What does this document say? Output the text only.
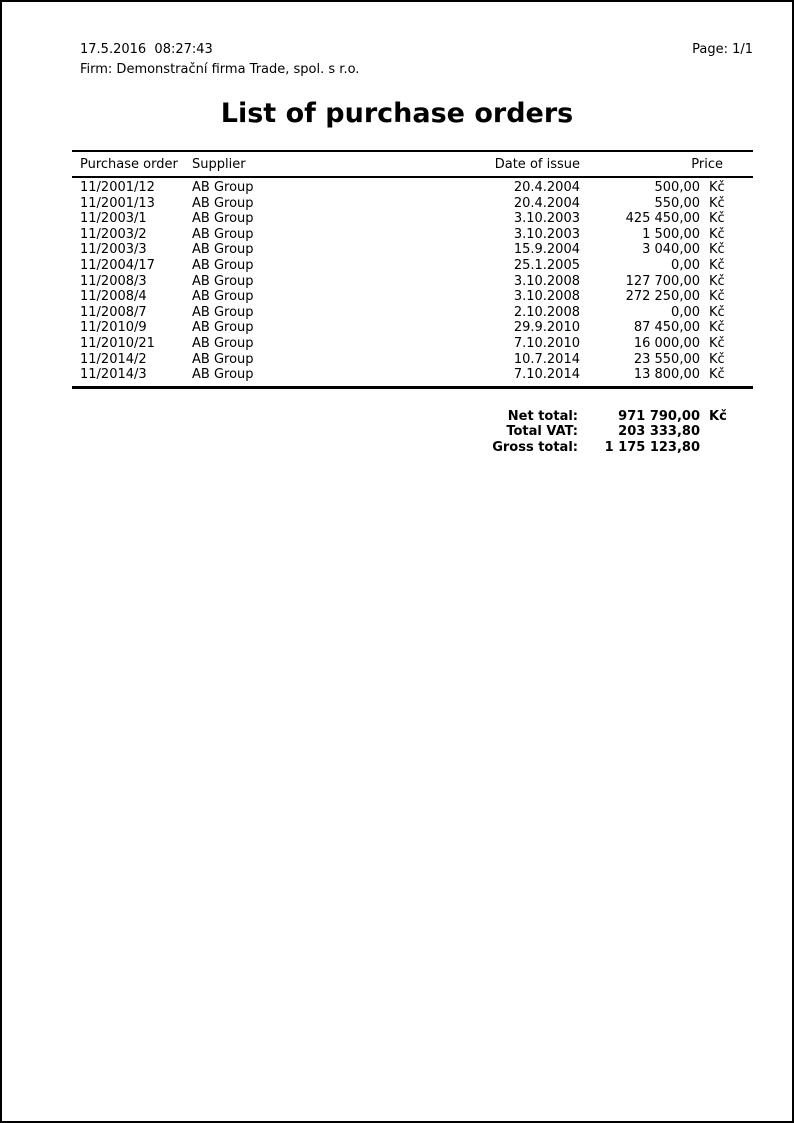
17.5.2016  08:27:43
Firm: Demonstrační firma Trade, spol. s r.o.
Page: 1/1
List of purchase orders
Purchase order	Supplier	Date of issue	Price
11/2001/12	AB Group	20.4.2004	500,00 Kč
11/2001/13	AB Group	20.4.2004	550,00 Kč
11/2003/1	AB Group	3.10.2003	425 450,00 Kč
11/2003/2	AB Group	3.10.2003	1 500,00 Kč
11/2003/3	AB Group	15.9.2004	3 040,00 Kč
11/2004/17	AB Group	25.1.2005	0,00 Kč
11/2008/3	AB Group	3.10.2008	127 700,00 Kč
11/2008/4	AB Group	3.10.2008	272 250,00 Kč
11/2008/7	AB Group	2.10.2008	0,00 Kč
11/2010/9	AB Group	29.9.2010	87 450,00 Kč
11/2010/21	AB Group	7.10.2010	16 000,00 Kč
11/2014/2	AB Group	10.7.2014	23 550,00 Kč
11/2014/3	AB Group	7.10.2014	13 800,00 Kč
Net total:	971 790,00 Kč
Total VAT:	203 333,80
Gross total:	1 175 123,80
